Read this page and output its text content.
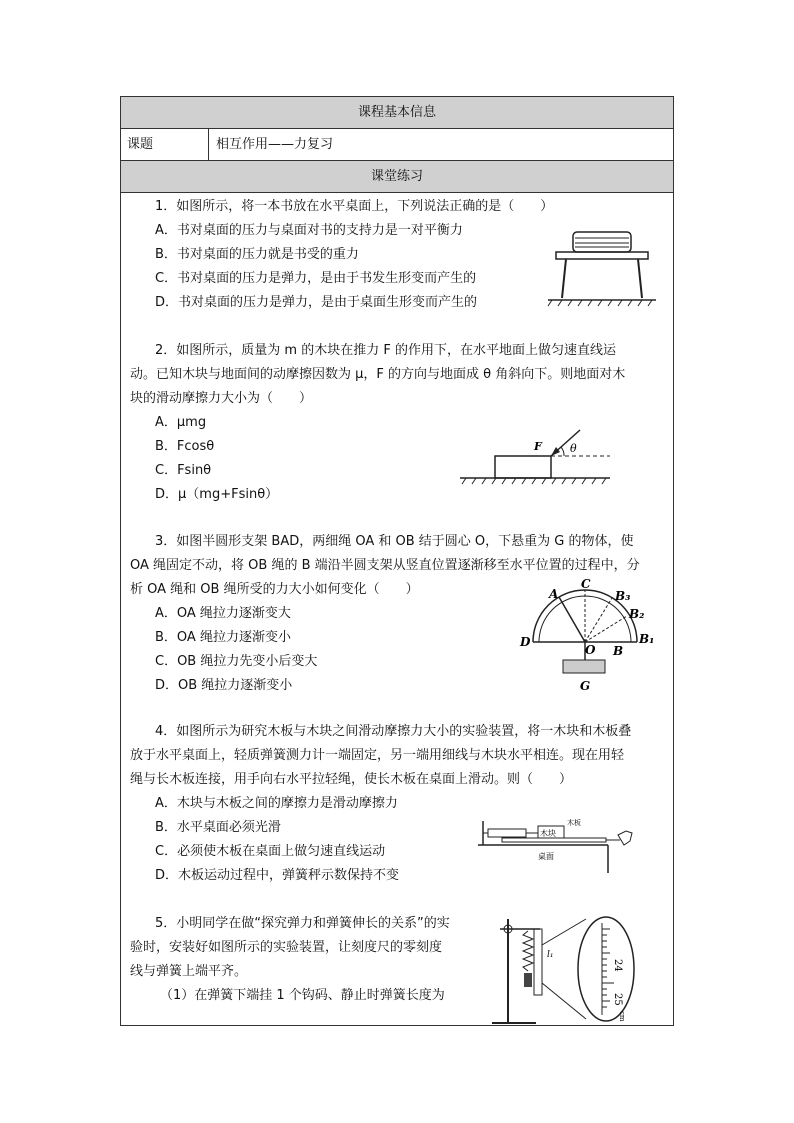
课程基本信息
课题	相互作用——力复习
课堂练习
1．如图所示，将一本书放在水平桌面上，下列说法正确的是（　　）
A．书对桌面的压力与桌面对书的支持力是一对平衡力
B．书对桌面的压力就是书受的重力
C．书对桌面的压力是弹力，是由于书发生形变而产生的
D．书对桌面的压力是弹力，是由于桌面生形变而产生的
2．如图所示，质量为 m 的木块在推力 F 的作用下，在水平地面上做匀速直线运
动。已知木块与地面间的动摩擦因数为 μ，F 的方向与地面成 θ 角斜向下。则地面对木
块的滑动摩擦力大小为（　　）
A．μmg
B．Fcosθ
C．Fsinθ
D．μ（mg+Fsinθ）
F	θ
3．如图半圆形支架 BAD，两细绳 OA 和 OB 结于圆心 O，下悬重为 G 的物体，使
OA 绳固定不动，将 OB 绳的 B 端沿半圆支架从竖直位置逐渐移至水平位置的过程中，分
析 OA 绳和 OB 绳所受的力大小如何变化（　　）
A．OA 绳拉力逐渐变大
B．OA 绳拉力逐渐变小
C．OB 绳拉力先变小后变大
D．OB 绳拉力逐渐变小
A
C
B₃
B₂
B₁
D
O B
G
4．如图所示为研究木板与木块之间滑动摩擦力大小的实验装置，将一木块和木板叠
放于水平桌面上，轻质弹簧测力计一端固定，另一端用细线与木块水平相连。现在用轻
绳与长木板连接，用手向右水平拉轻绳，使长木板在桌面上滑动。则（　　）
A．木块与木板之间的摩擦力是滑动摩擦力
B．水平桌面必须光滑
C．必须使木板在桌面上做匀速直线运动
D．木板运动过程中，弹簧秤示数保持不变
木块
木板
桌面
5．小明同学在做“探究弹力和弹簧伸长的关系”的实
验时，安装好如图所示的实验装置，让刻度尺的零刻度
线与弹簧上端平齐。
（1）在弹簧下端挂 1 个钩码、静止时弹簧长度为
l₁
24
25
cm
